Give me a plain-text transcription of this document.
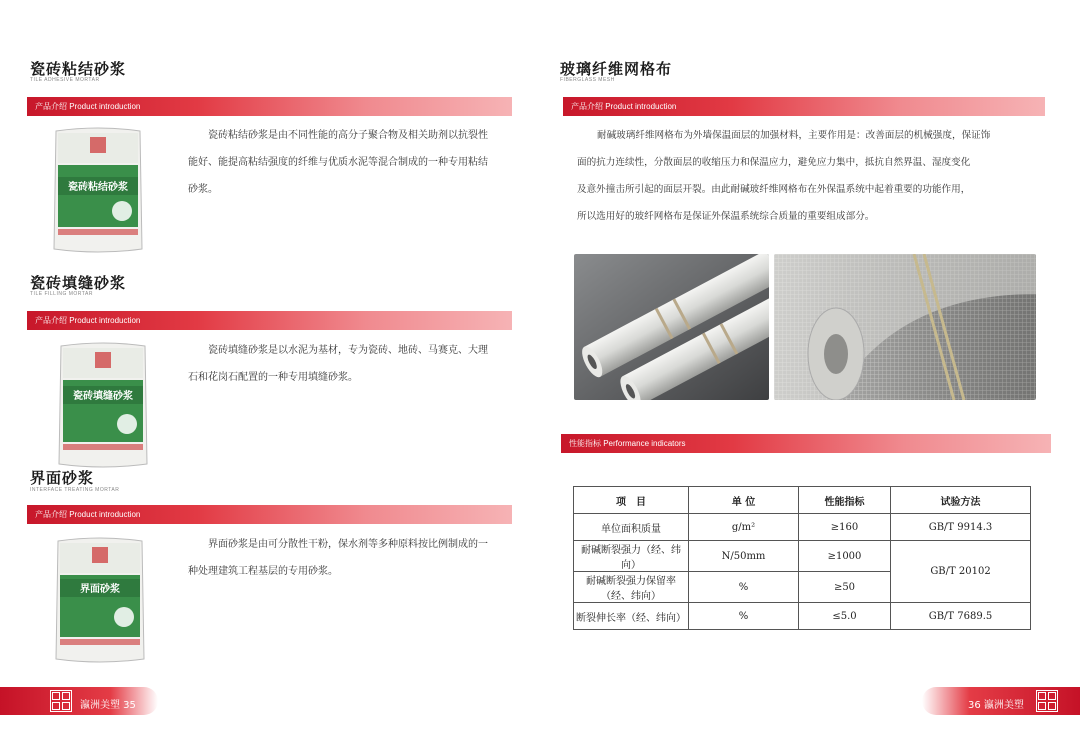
瓷砖粘结砂浆
TILE ADHESIVE MORTAR
产品介绍 Product introduction
瓷砖粘结砂浆
瓷砖粘结砂浆是由不同性能的高分子聚合物及相关助剂以抗裂性
能好、能提高粘结强度的纤维与优质水泥等混合制成的一种专用粘结
砂浆。
瓷砖填缝砂浆
TILE FILLING MORTAR
产品介绍 Product introduction
瓷砖填缝砂浆
瓷砖填缝砂浆是以水泥为基材，专为瓷砖、地砖、马赛克、大理
石和花岗石配置的一种专用填缝砂浆。
界面砂浆
INTERFACE TREATING MORTAR
产品介绍 Product introduction
界面砂浆
界面砂浆是由可分散性干粉，保水剂等多种原料按比例制成的一
种处理建筑工程基层的专用砂浆。
瀛洲美塑 35
玻璃纤维网格布
FIBERGLASS MESH
产品介绍 Product introduction
耐碱玻璃纤维网格布为外墙保温面层的加强材料，主要作用是：改善面层的机械强度，保证饰
面的抗力连续性，分散面层的收缩压力和保温应力，避免应力集中，抵抗自然界温、湿度变化
及意外撞击所引起的面层开裂。由此耐碱玻纤维网格布在外保温系统中起着重要的功能作用，
所以选用好的玻纤网格布是保证外保温系统综合质量的重要组成部分。
性能指标 Performance indicators
项　目	单 位	性能指标	试验方法
单位面积质量	g/m²	≥160	GB/T 9914.3
耐碱断裂强力（经、纬向）	N/50mm	≥1000	GB/T 20102
耐碱断裂强力保留率（经、纬向）	%	≥50	
断裂伸长率（经、纬向）	%	≤5.0	GB/T 7689.5
36 瀛洲美塑
